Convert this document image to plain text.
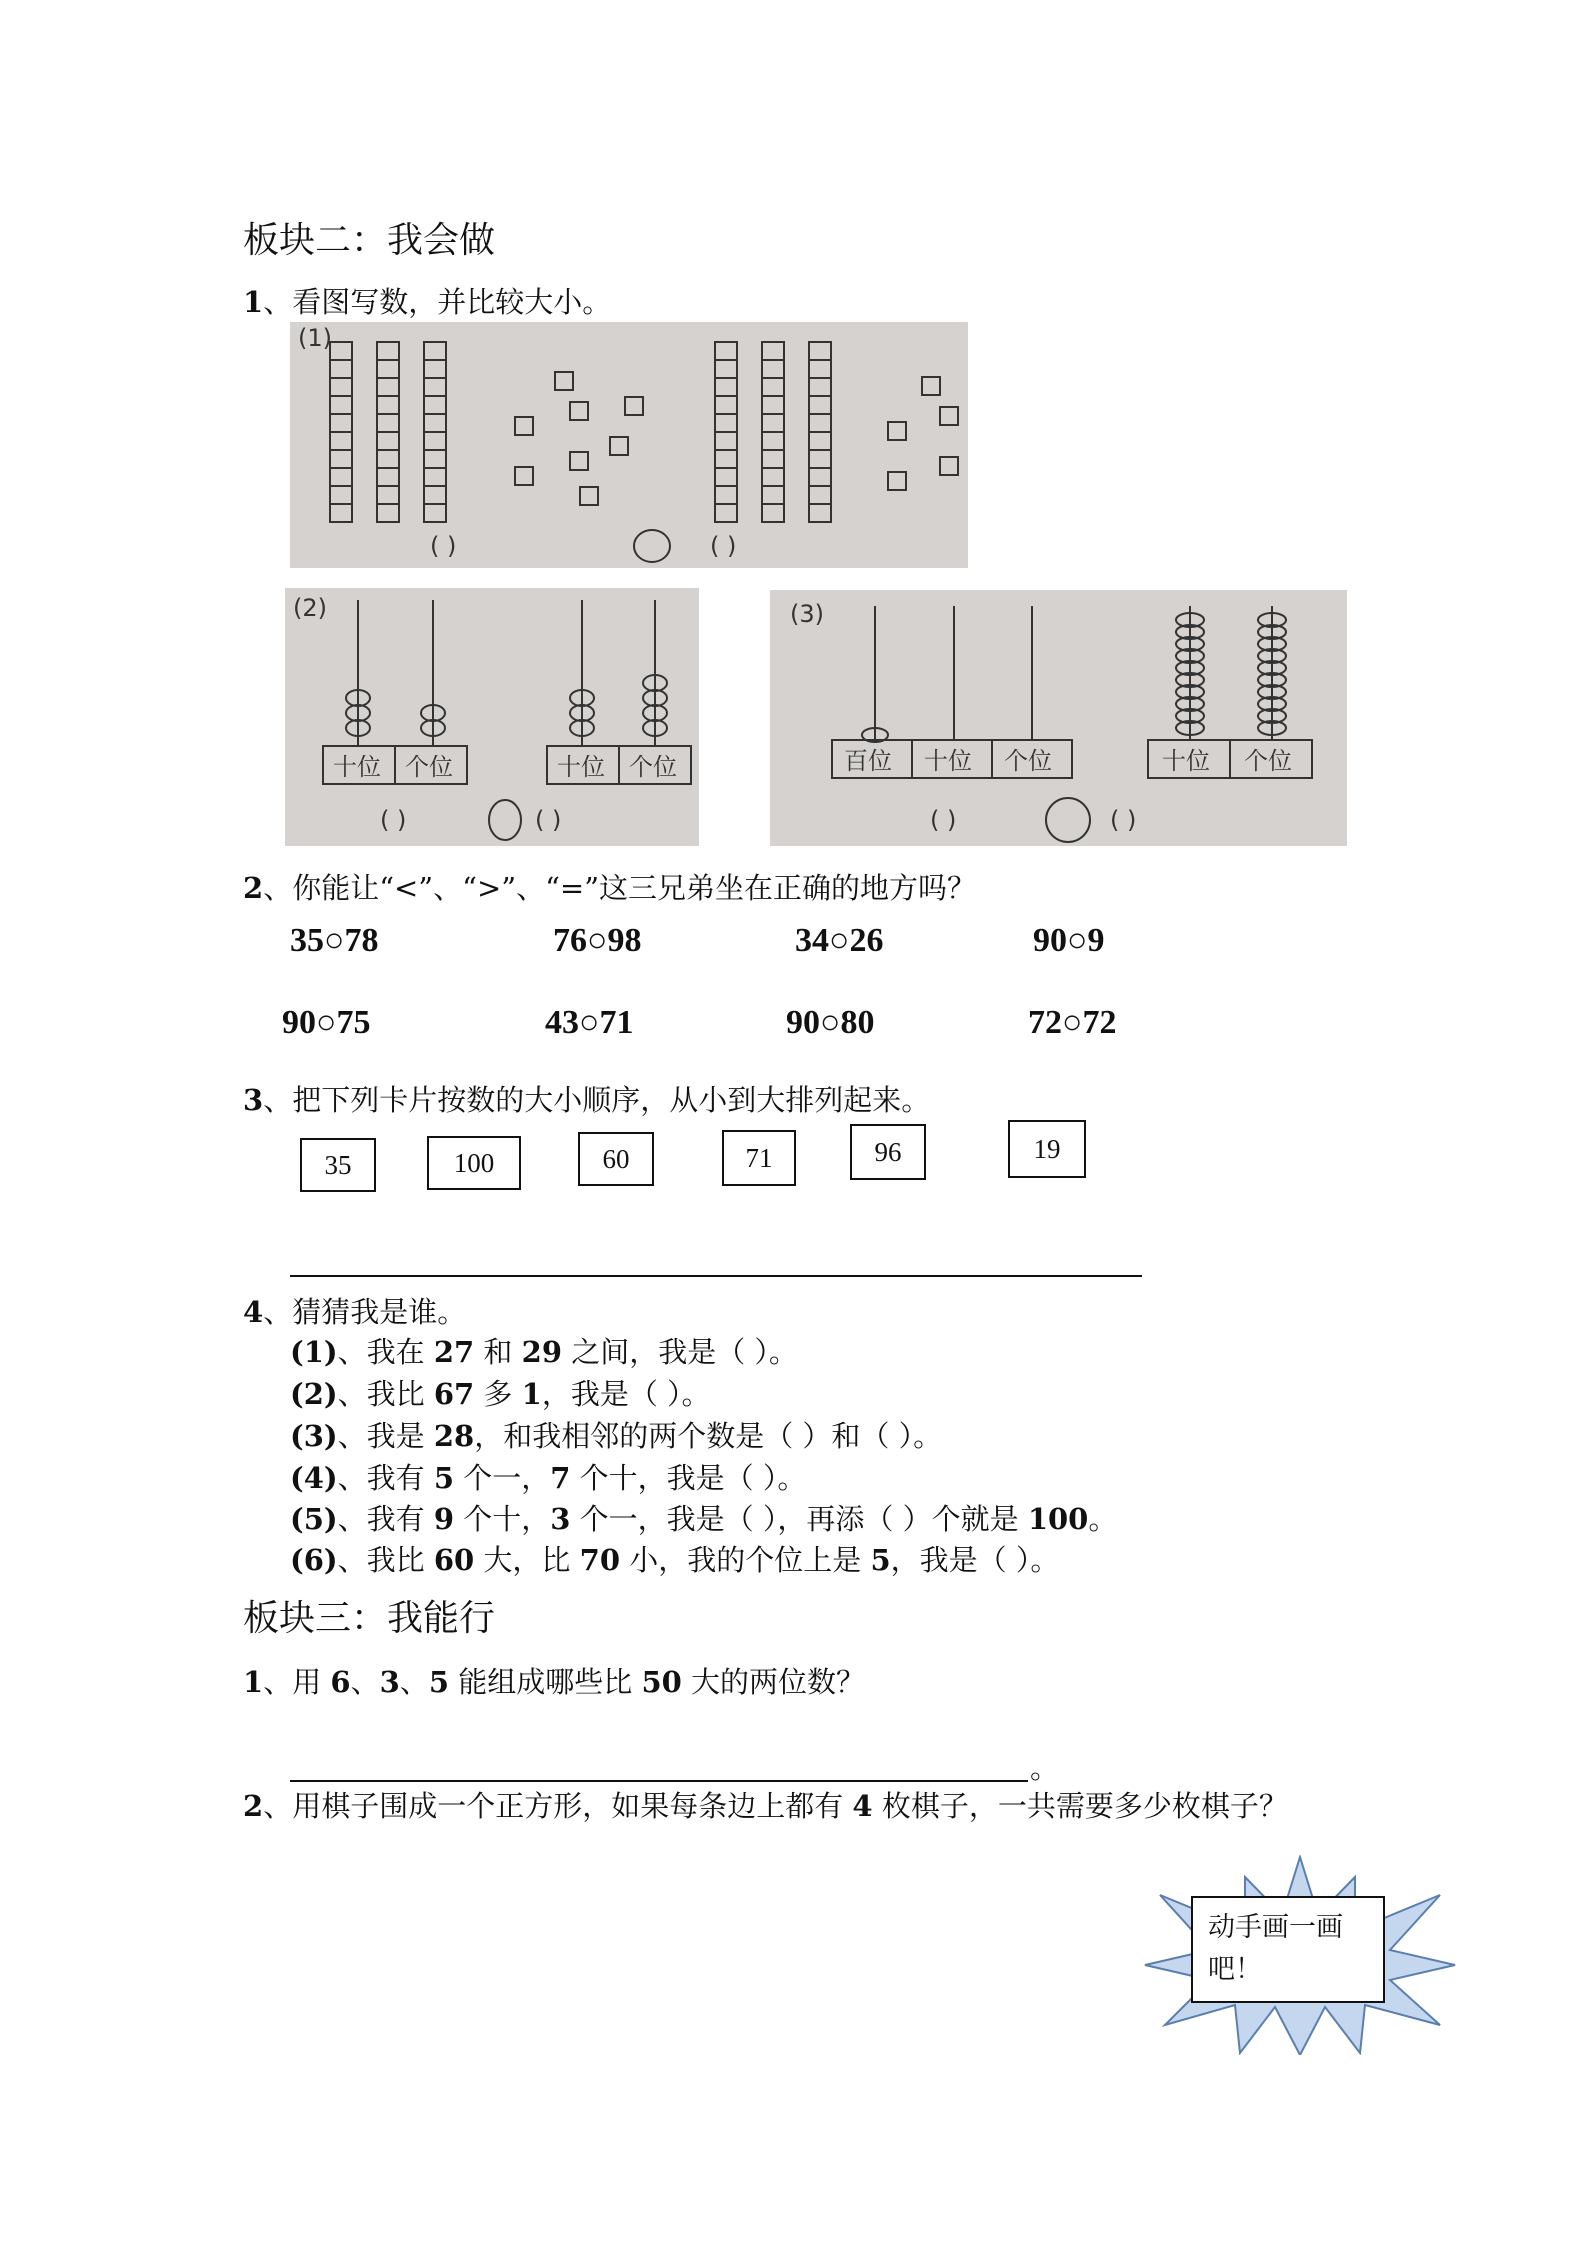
板块二：我会做
1、看图写数，并比较大小。
(1)
( )	( )
(2)
十位 个位	十位 个位
( )	( )
(3)
百位 十位 个位	十位 个位
( )	( )
2、你能让“<”、“>”、“=”这三兄弟坐在正确的地方吗？
35○78	76○98	34○26	90○9
90○75	43○71	90○80	72○72
3、把下列卡片按数的大小顺序，从小到大排列起来。
35	100	60	71	96	19
4、猜猜我是谁。
(1)、我在 27 和 29 之间，我是（ ）。
(2)、我比 67 多 1，我是（ ）。
(3)、我是 28，和我相邻的两个数是（ ）和（ ）。
(4)、我有 5 个一，7 个十，我是（ ）。
(5)、我有 9 个十，3 个一，我是（ ），再添（ ）个就是 100。
(6)、我比 60 大，比 70 小，我的个位上是 5，我是（ ）。
板块三：我能行
1、用 6、3、5 能组成哪些比 50 大的两位数？
。
2、用棋子围成一个正方形，如果每条边上都有 4 枚棋子，一共需要多少枚棋子？
动手画一画吧！
